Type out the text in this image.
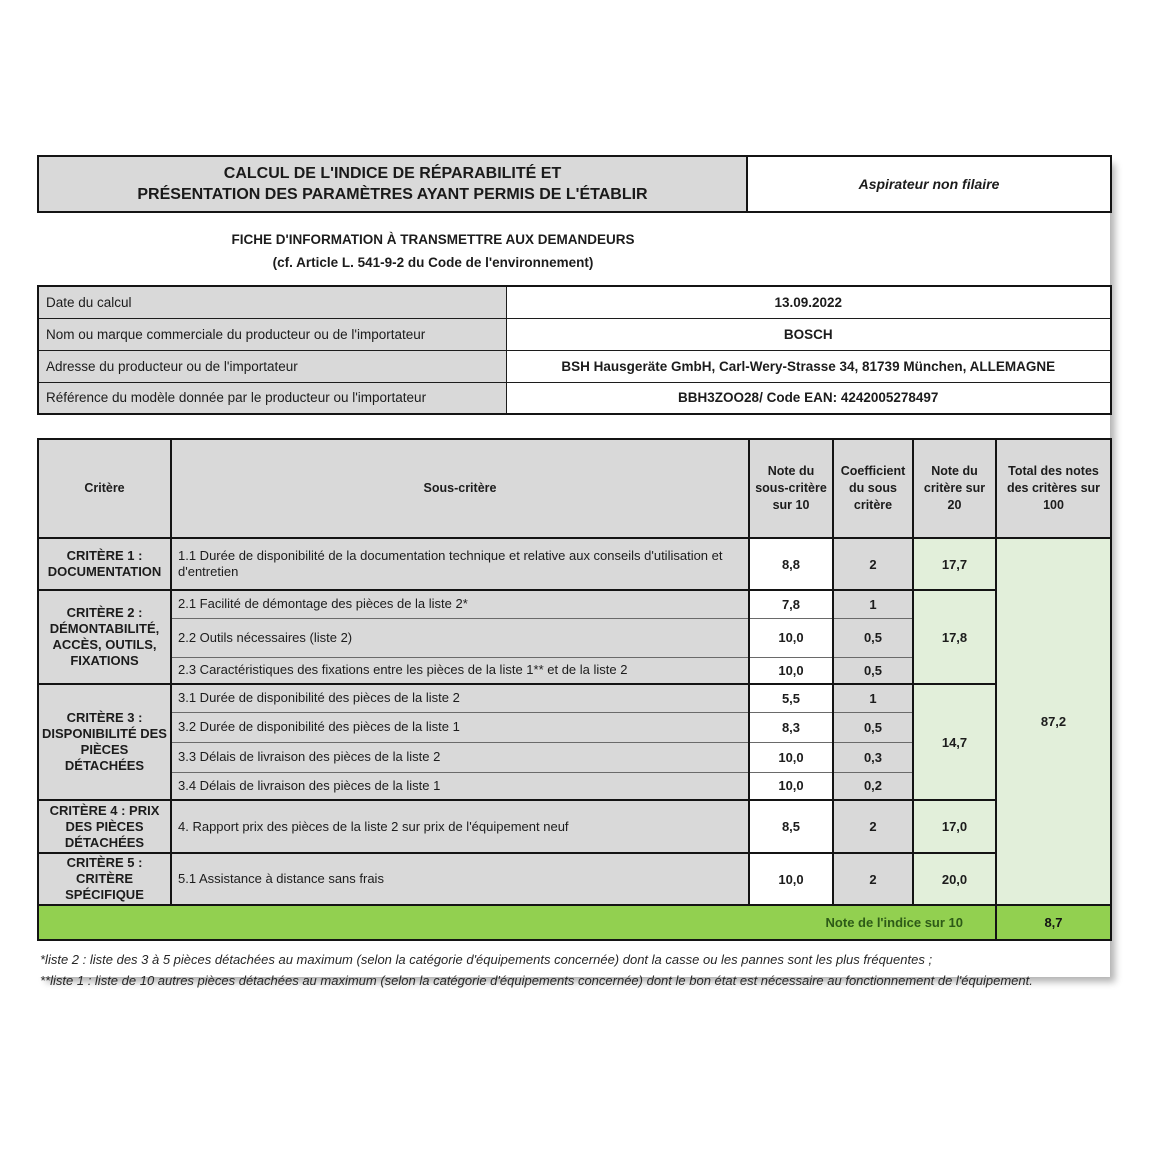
CALCUL DE L'INDICE DE RÉPARABILITÉ ET
PRÉSENTATION DES PARAMÈTRES AYANT PERMIS DE L'ÉTABLIR
	Aspirateur non filaire
FICHE D'INFORMATION À TRANSMETTRE AUX DEMANDEURS
(cf. Article L. 541-9-2 du Code de l'environnement)
Date du calcul	13.09.2022
Nom ou marque commerciale du producteur ou de l'importateur	BOSCH
Adresse du producteur ou de l'importateur	BSH Hausgeräte GmbH, Carl-Wery-Strasse 34, 81739 München, ALLEMAGNE
Référence du modèle donnée par le producteur ou l'importateur	BBH3ZOO28/ Code EAN: 4242005278497
Critère	Sous-critère	Note du sous-critère sur 10	Coefficient du sous critère	Note du critère sur 20	Total des notes des critères sur 100
CRITÈRE 1 : DOCUMENTATION	1.1 Durée de disponibilité de la documentation technique et relative aux conseils d'utilisation et d'entretien	8,8	2	17,7	87,2
CRITÈRE 2 : DÉMONTABILITÉ, ACCÈS, OUTILS, FIXATIONS	2.1 Facilité de démontage des pièces de la liste 2*	7,8	1	17,8	
	2.2 Outils nécessaires (liste 2)	10,0	0,5		
	2.3 Caractéristiques des fixations entre les pièces de la liste 1** et de la liste 2	10,0	0,5		
CRITÈRE 3 : DISPONIBILITÉ DES PIÈCES DÉTACHÉES	3.1 Durée de disponibilité des pièces de la liste 2	5,5	1	14,7	
	3.2 Durée de disponibilité des pièces de la liste 1	8,3	0,5		
	3.3 Délais de livraison des pièces de la liste 2	10,0	0,3		
	3.4 Délais de livraison des pièces de la liste 1	10,0	0,2		
CRITÈRE 4 : PRIX DES PIÈCES DÉTACHÉES	4. Rapport prix des pièces de la liste 2 sur prix de l'équipement neuf	8,5	2	17,0	
CRITÈRE 5 : CRITÈRE SPÉCIFIQUE	5.1 Assistance à distance sans frais	10,0	2	20,0	
Note de l'indice sur 10					8,7
*liste 2 : liste des 3 à 5 pièces détachées au maximum (selon la catégorie d'équipements concernée) dont la casse ou les pannes sont les plus fréquentes ;
**liste 1 : liste de 10 autres pièces détachées au maximum (selon la catégorie d'équipements concernée) dont le bon état est nécessaire au fonctionnement de l'équipement.
